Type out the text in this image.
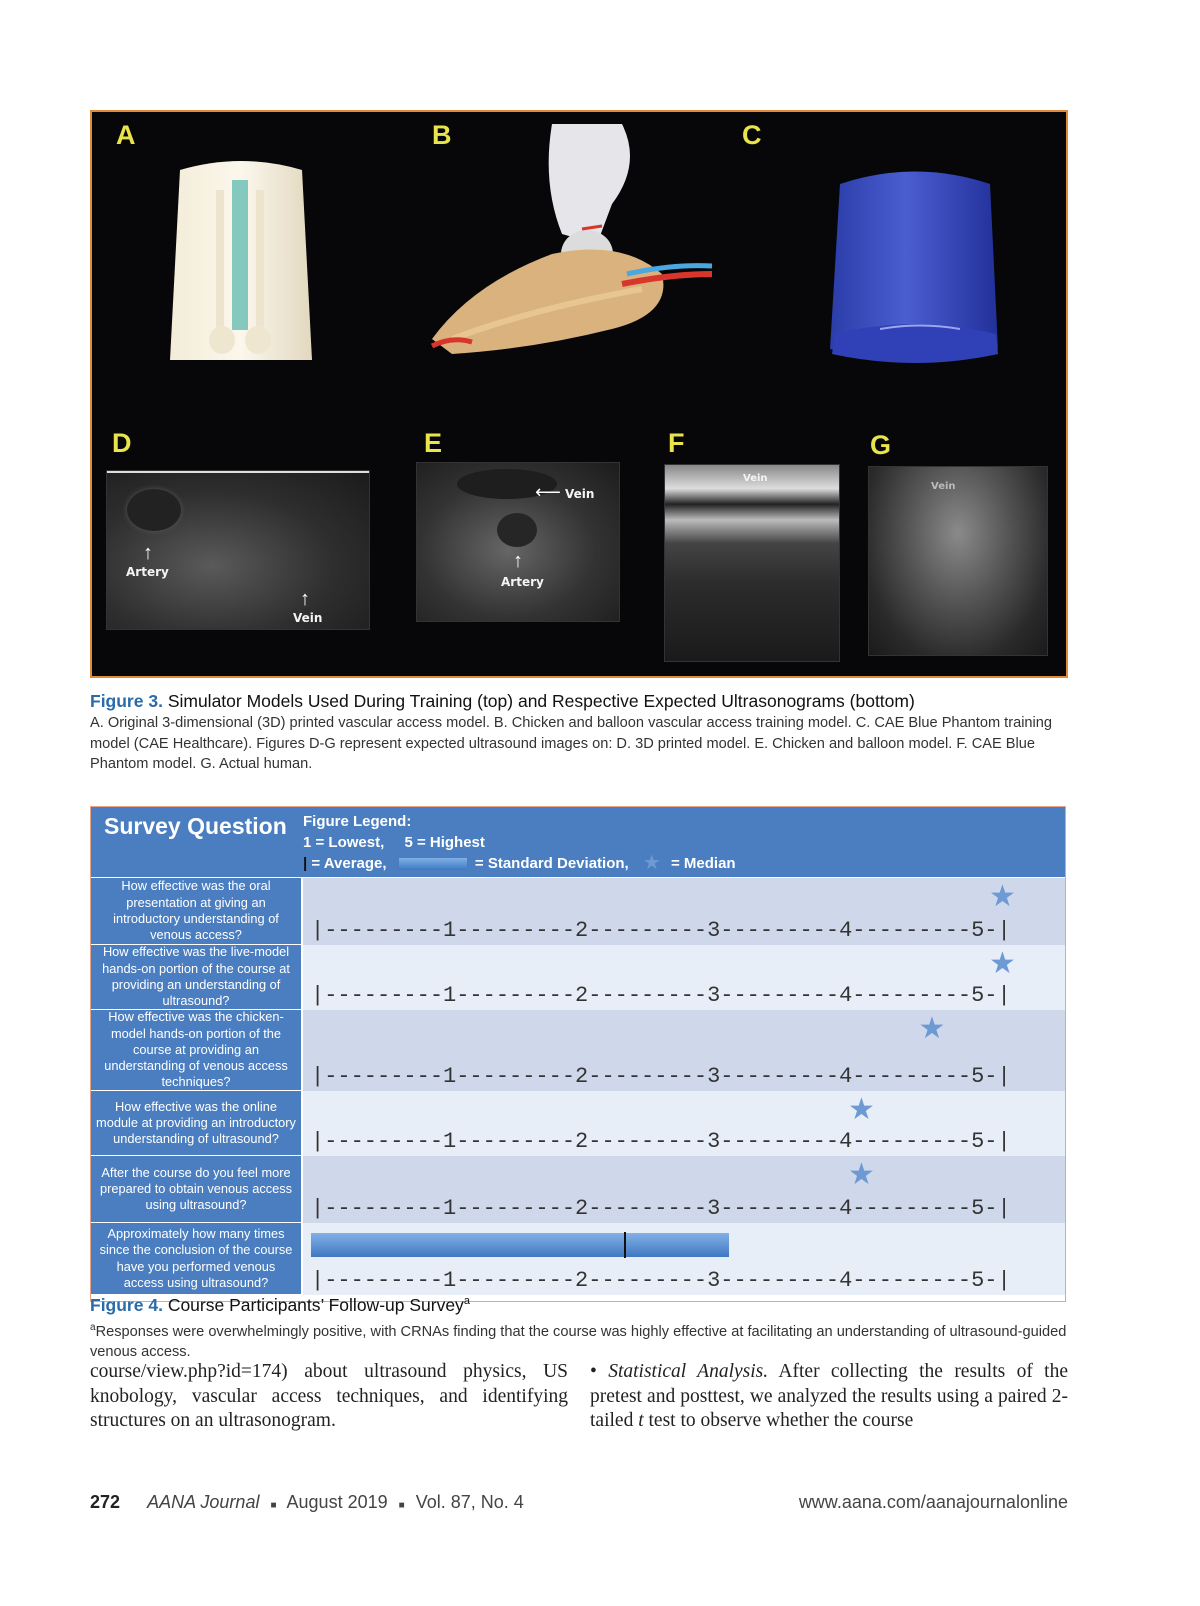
A	B	C
D	E	F	G
↑
Artery
↑
Vein
⟵ Vein
↑
Artery
Vein
Vein
Figure 3. Simulator Models Used During Training (top) and Respective Expected Ultrasonograms (bottom)
A. Original 3-dimensional (3D) printed vascular access model. B. Chicken and balloon vascular access training model. C. CAE Blue Phantom training model (CAE Healthcare). Figures D-G represent expected ultrasound images on: D. 3D printed model. E. Chicken and balloon model. F. CAE Blue Phantom model. G. Actual human.
Survey Question Figure Legend:
1 = Lowest, 5 = Highest
| = Average,	= Standard Deviation, ★ = Median
How effective was the oral presentation at giving an introductory understanding of venous access?	|---------1---------2---------3---------4---------5-|
★
How effective was the live-model hands-on portion of the course at providing an understanding of ultrasound?	|---------1---------2---------3---------4---------5-|
★
How effective was the chicken-model hands-on portion of the course at providing an understanding of venous access techniques?	|---------1---------2---------3---------4---------5-|
★
How effective was the online module at providing an introductory understanding of ultrasound?	|---------1---------2---------3---------4---------5-|
★
After the course do you feel more prepared to obtain venous access using ultrasound?	|---------1---------2---------3---------4---------5-|
★
Approximately how many times since the conclusion of the course have you performed venous access using ultrasound?	|---------1---------2---------3---------4---------5-|
Figure 4. Course Participants’ Follow-up Survey$^a$
$^a$Responses were overwhelmingly positive, with CRNAs finding that the course was highly effective at facilitating an understanding of ultrasound-guided venous access.
course/view.php?id=174) about ultrasound physics, US knobology, vascular access techniques, and identifying structures on an ultrasonogram.
• Statistical Analysis. After collecting the results of the pretest and posttest, we analyzed the results using a paired 2-tailed t test to observe whether the course
272 AANA Journal ■ August 2019 ■ Vol. 87, No. 4	www.aana.com/aanajournalonline
